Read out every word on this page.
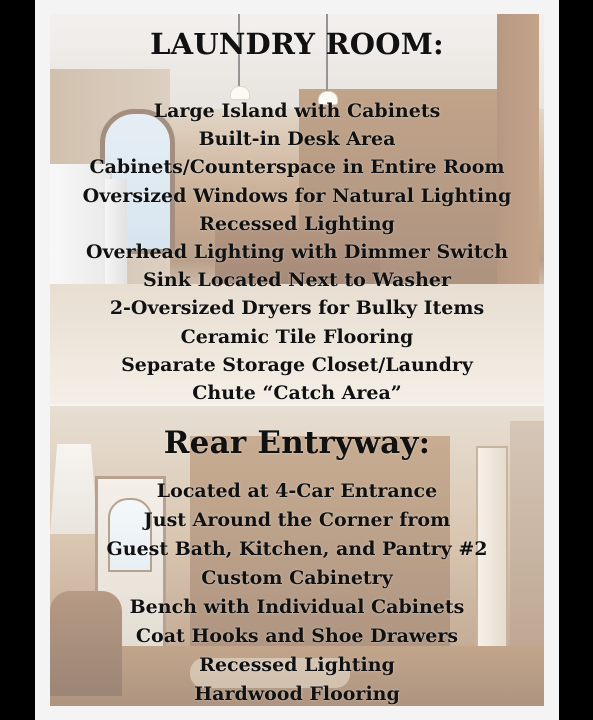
LAUNDRY ROOM:
Large Island with Cabinets
Built-in Desk Area
Cabinets/Counterspace in Entire Room
Oversized Windows for Natural Lighting
Recessed Lighting
Overhead Lighting with Dimmer Switch
Sink Located Next to Washer
2-Oversized Dryers for Bulky Items
Ceramic Tile Flooring
Separate Storage Closet/Laundry
Chute “Catch Area”
Rear Entryway:
Located at 4-Car Entrance
Just Around the Corner from
Guest Bath, Kitchen, and Pantry #2
Custom Cabinetry
Bench with Individual Cabinets
Coat Hooks and Shoe Drawers
Recessed Lighting
Hardwood Flooring
